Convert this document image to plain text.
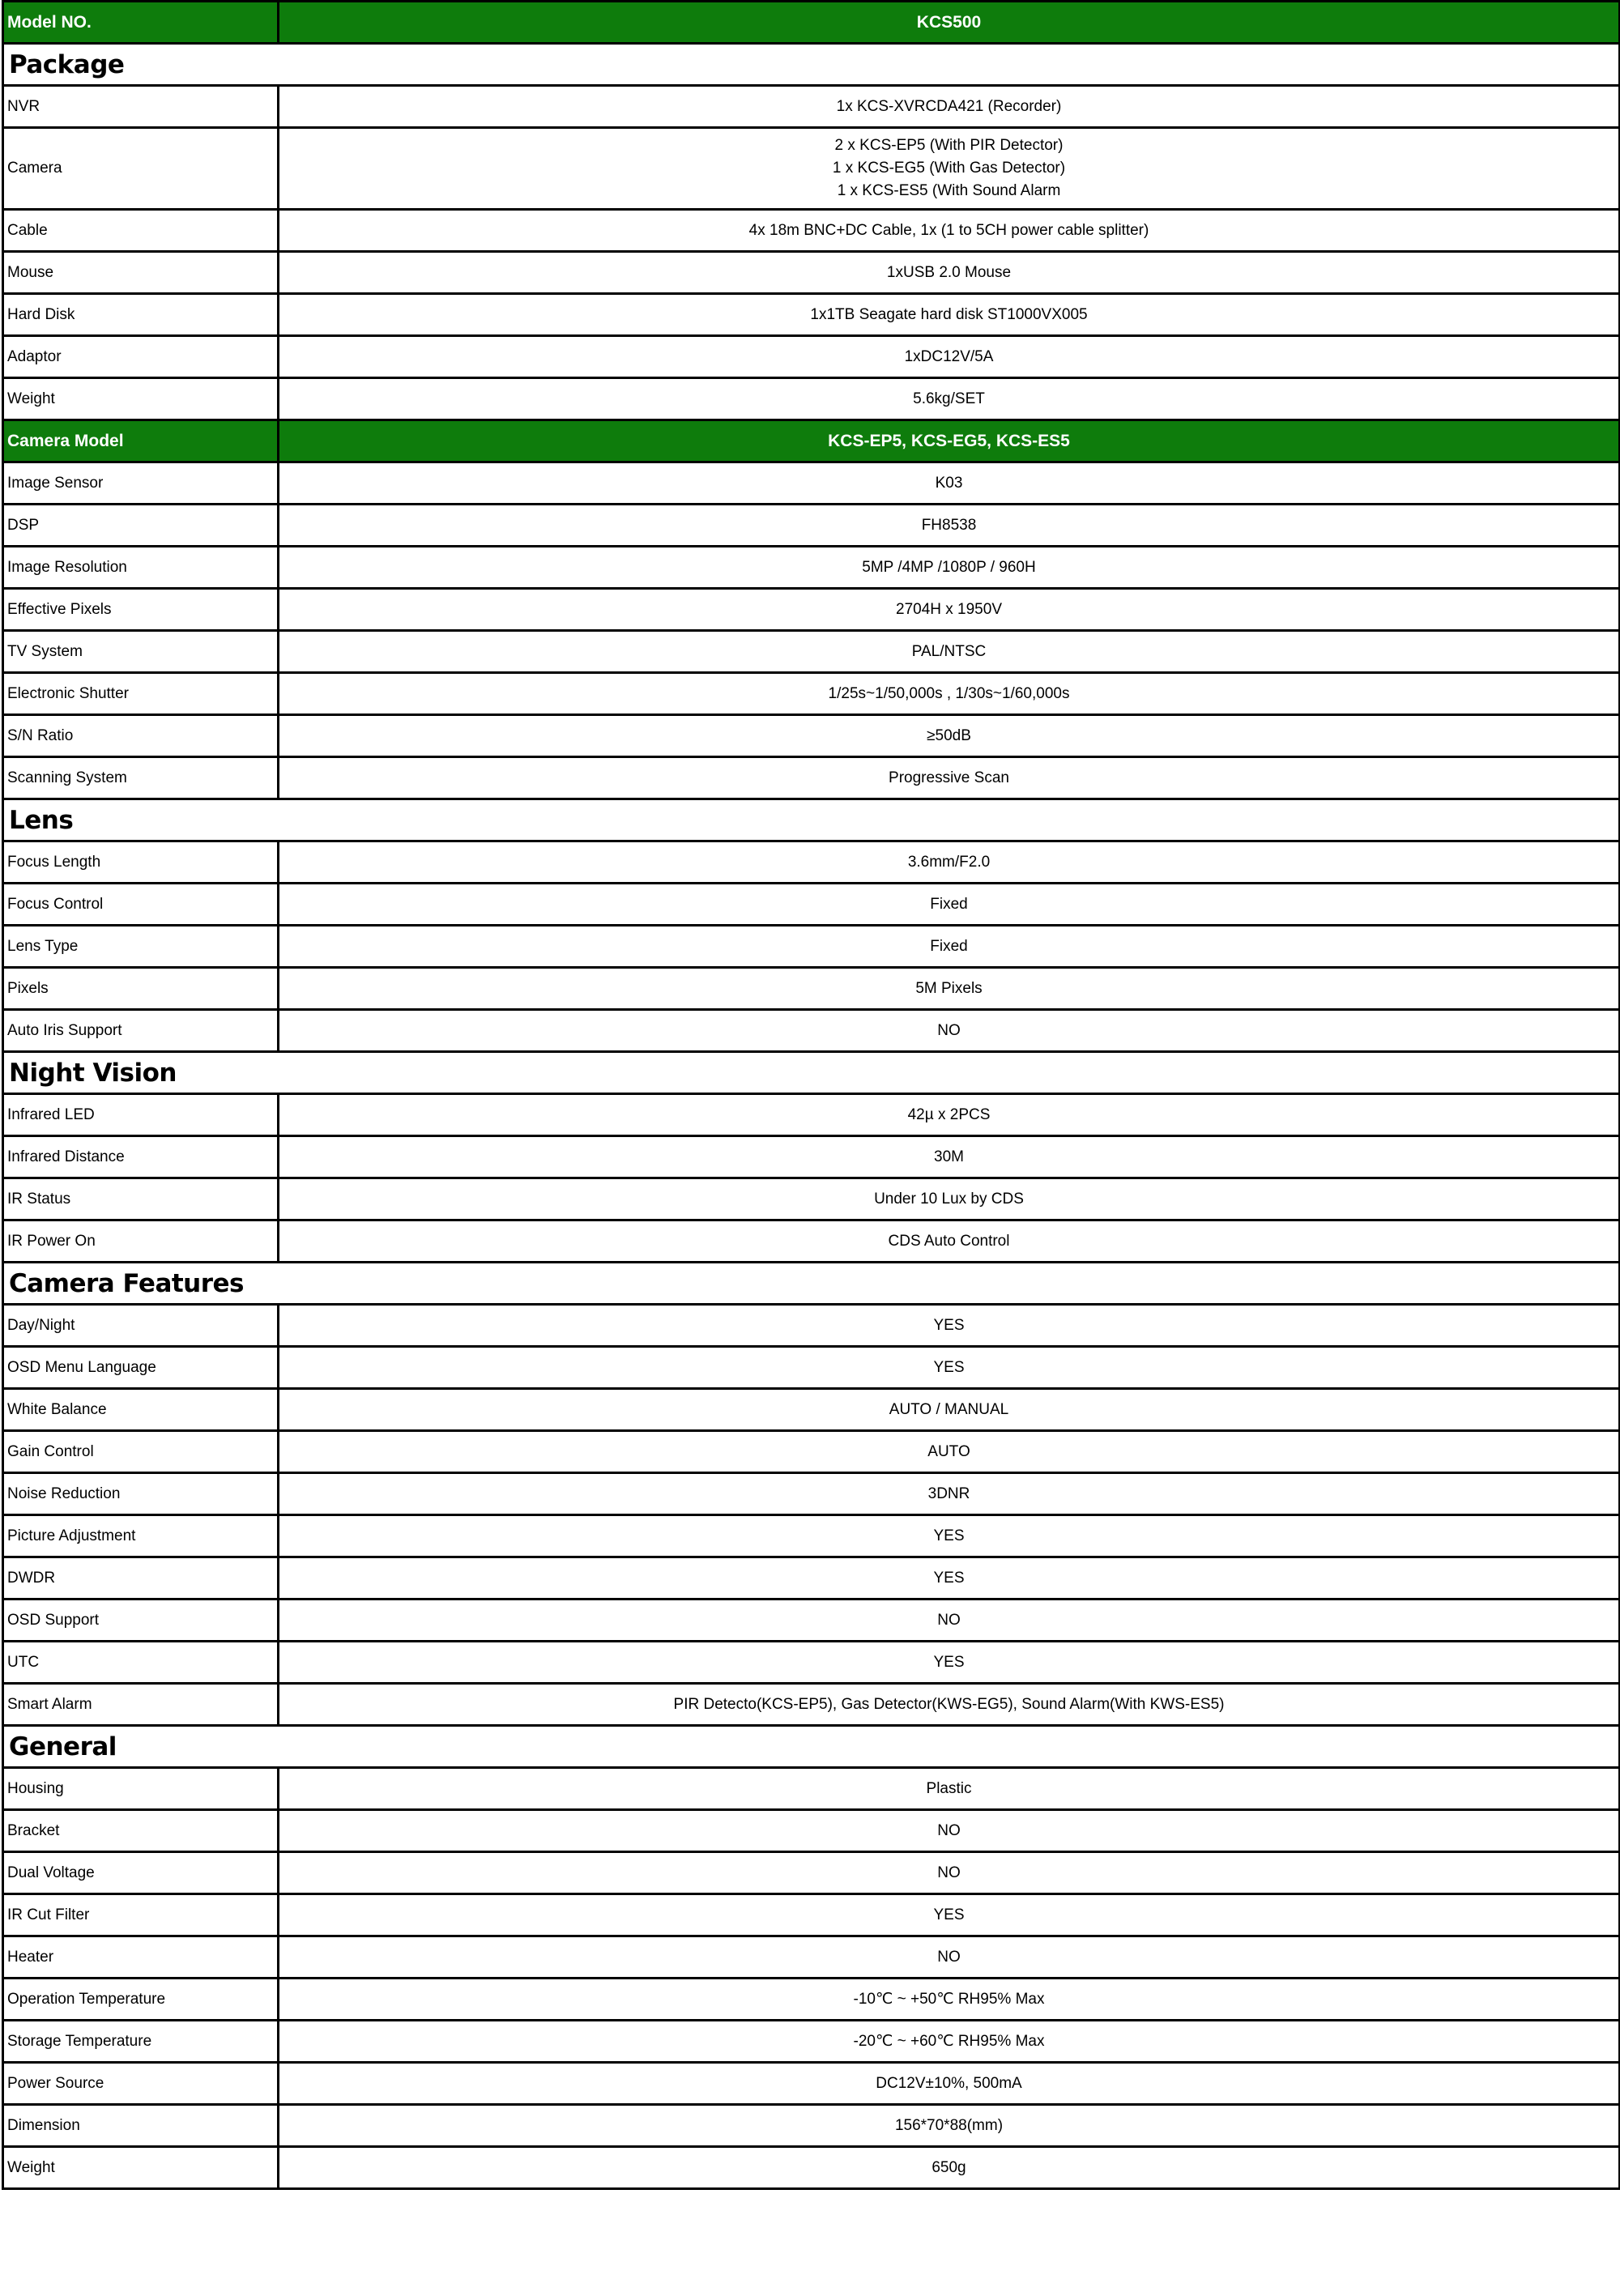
Model NO.	KCS500
Package	
NVR	1x KCS-XVRCDA421 (Recorder)
Camera	2 x KCS-EP5 (With PIR Detector)
1 x KCS-EG5 (With Gas Detector)
1 x KCS-ES5 (With Sound Alarm

Cable	4x 18m BNC+DC Cable, 1x (1 to 5CH power cable splitter)
Mouse	1xUSB 2.0 Mouse
Hard Disk	1x1TB Seagate hard disk ST1000VX005
Adaptor	1xDC12V/5A
Weight	5.6kg/SET
Camera Model	KCS-EP5, KCS-EG5, KCS-ES5
Image Sensor	K03
DSP	FH8538
Image Resolution	5MP /4MP /1080P / 960H
Effective Pixels	2704H x 1950V
TV System	PAL/NTSC
Electronic Shutter	1/25s~1/50,000s , 1/30s~1/60,000s
S/N Ratio	≥50dB
Scanning System	Progressive Scan
Lens	
Focus Length	3.6mm/F2.0
Focus Control	Fixed
Lens Type	Fixed
Pixels	5M Pixels
Auto Iris Support	NO
Night Vision	
Infrared LED	42µ x 2PCS
Infrared Distance	30M
IR Status	Under 10 Lux by CDS
IR Power On	CDS Auto Control
Camera Features	
Day/Night	YES
OSD Menu Language	YES
White Balance	AUTO / MANUAL
Gain Control	AUTO
Noise Reduction	3DNR
Picture Adjustment	YES
DWDR	YES
OSD Support	NO
UTC	YES
Smart Alarm	PIR Detecto(KCS-EP5), Gas Detector(KWS-EG5), Sound Alarm(With KWS-ES5)
General	
Housing	Plastic
Bracket	NO
Dual Voltage	NO
IR Cut Filter	YES
Heater	NO
Operation Temperature	-10℃ ~ +50℃ RH95% Max
Storage Temperature	-20℃ ~ +60℃ RH95% Max
Power Source	DC12V±10%, 500mA
Dimension	156*70*88(mm)
Weight	650g
